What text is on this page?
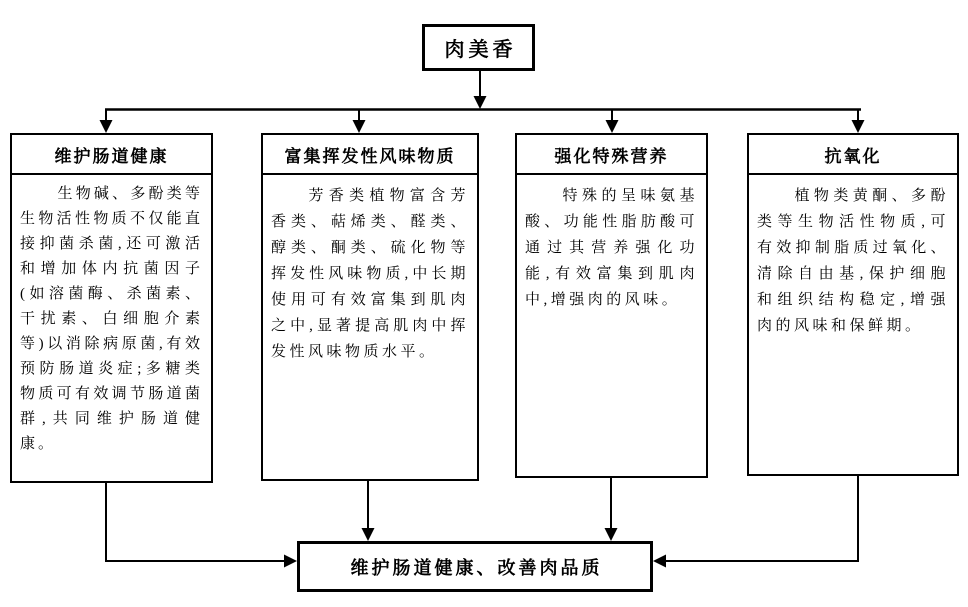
肉美香
维护肠道健康
生物碱、多酚类等生物活性物质不仅能直接抑菌杀菌,还可激活和增加体内抗菌因子(如溶菌酶、杀菌素、干扰素、白细胞介素等)以消除病原菌,有效预防肠道炎症;多糖类物质可有效调节肠道菌群,共同维护肠道健康。
富集挥发性风味物质
芳香类植物富含芳香类、萜烯类、醛类、醇类、酮类、硫化物等挥发性风味物质,中长期使用可有效富集到肌肉之中,显著提高肌肉中挥发性风味物质水平。
强化特殊营养
特殊的呈味氨基酸、功能性脂肪酸可通过其营养强化功能,有效富集到肌肉中,增强肉的风味。
抗氧化
植物类黄酮、多酚类等生物活性物质,可有效抑制脂质过氧化、清除自由基,保护细胞和组织结构稳定,增强肉的风味和保鲜期。
维护肠道健康、改善肉品质
